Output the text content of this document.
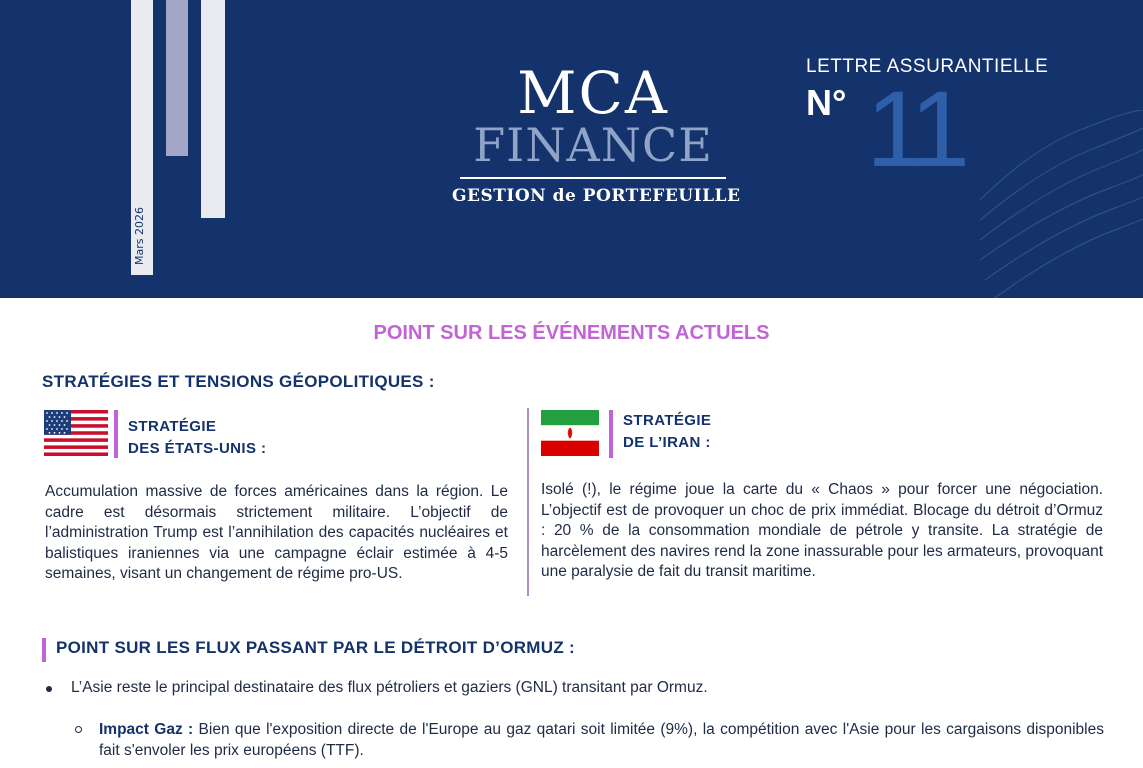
Mars 2026
MCA
FINANCE
GESTION de PORTEFEUILLE
LETTRE ASSURANTIELLE
N° 11
POINT SUR LES ÉVÉNEMENTS ACTUELS
STRATÉGIES ET TENSIONS GÉOPOLITIQUES :
STRATÉGIE
DES ÉTATS-UNIS :
STRATÉGIE
DE L’IRAN :
Accumulation massive de forces américaines dans la région. Le cadre est désormais strictement militaire. L’objectif de l’administration Trump est l’annihilation des capacités nucléaires et balistiques iraniennes via une campagne éclair estimée à 4-5 semaines, visant un changement de régime pro-US.
Isolé (!), le régime joue la carte du « Chaos » pour forcer une négociation. L’objectif est de provoquer un choc de prix immédiat. Blocage du détroit d’Ormuz : 20 % de la consommation mondiale de pétrole y transite. La stratégie de harcèlement des navires rend la zone inassurable pour les armateurs, provoquant une paralysie de fait du transit maritime.
POINT SUR LES FLUX PASSANT PAR LE DÉTROIT D’ORMUZ :
L’Asie reste le principal destinataire des flux pétroliers et gaziers (GNL) transitant par Ormuz.
Impact Gaz : Bien que l'exposition directe de l'Europe au gaz qatari soit limitée (9%), la compétition avec l'Asie pour les cargaisons disponibles fait s'envoler les prix européens (TTF).
